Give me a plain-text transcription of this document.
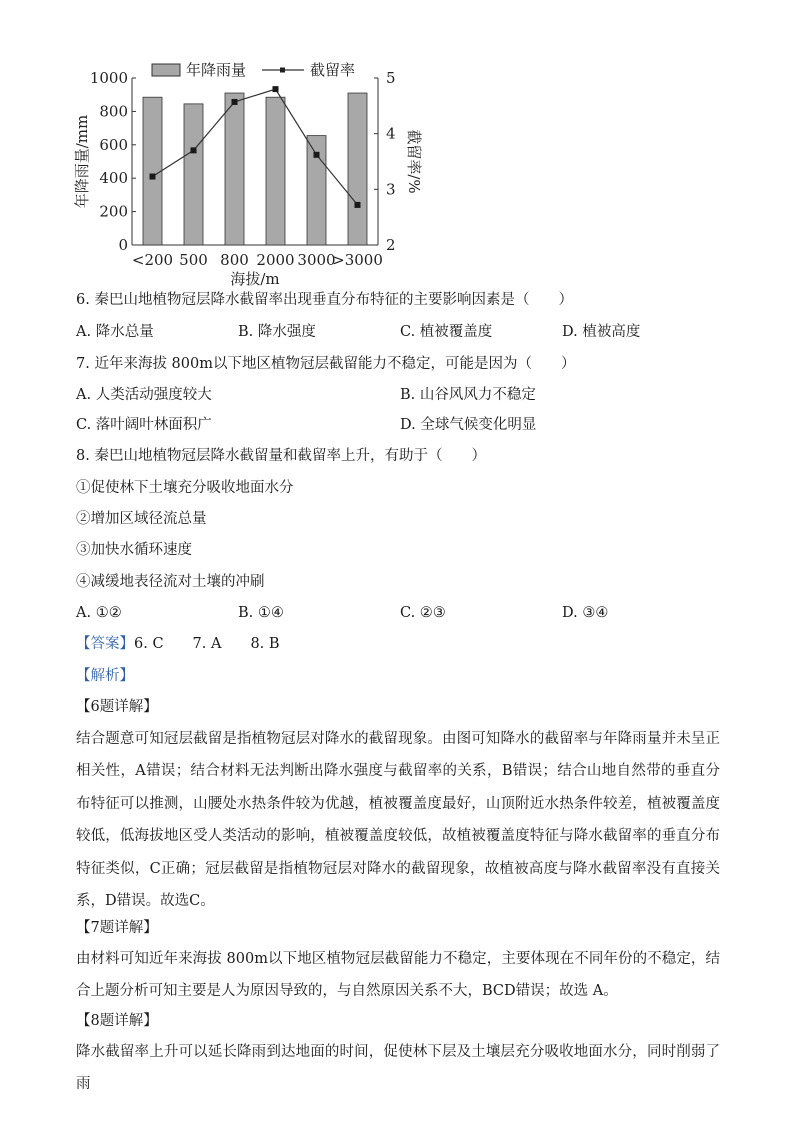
年降雨量	截留率
0
200
400
600
800
1000
2
3
4
5
<200 500 800 2000 3000
>3000
海拔/m
年降雨量/mm	截留率/%
6. 秦巴山地植物冠层降水截留率出现垂直分布特征的主要影响因素是（　　）
A. 降水总量	B. 降水强度	C. 植被覆盖度	D. 植被高度
7. 近年来海拔 800m以下地区植物冠层截留能力不稳定，可能是因为（　　）
A. 人类活动强度较大	B. 山谷风风力不稳定
C. 落叶阔叶林面积广	D. 全球气候变化明显
8. 秦巴山地植物冠层降水截留量和截留率上升，有助于（　　）
①促使林下土壤充分吸收地面水分
②增加区域径流总量
③加快水循环速度
④减缓地表径流对土壤的冲刷
A. ①②	B. ①④	C. ②③	D. ③④
【答案】6. C　　7. A　　8. B
【解析】
【6题详解】
结合题意可知冠层截留是指植物冠层对降水的截留现象。由图可知降水的截留率与年降雨量并未呈正相关性，A错误；结合材料无法判断出降水强度与截留率的关系，B错误；结合山地自然带的垂直分布特征可以推测，山腰处水热条件较为优越，植被覆盖度最好，山顶附近水热条件较差，植被覆盖度较低，低海拔地区受人类活动的影响，植被覆盖度较低，故植被覆盖度特征与降水截留率的垂直分布特征类似，C正确；冠层截留是指植物冠层对降水的截留现象，故植被高度与降水截留率没有直接关系，D错误。故选C。
【7题详解】
由材料可知近年来海拔 800m以下地区植物冠层截留能力不稳定，主要体现在不同年份的不稳定，结合上题分析可知主要是人为原因导致的，与自然原因关系不大，BCD错误；故选 A。
【8题详解】
降水截留率上升可以延长降雨到达地面的时间，促使林下层及土壤层充分吸收地面水分，同时削弱了雨
